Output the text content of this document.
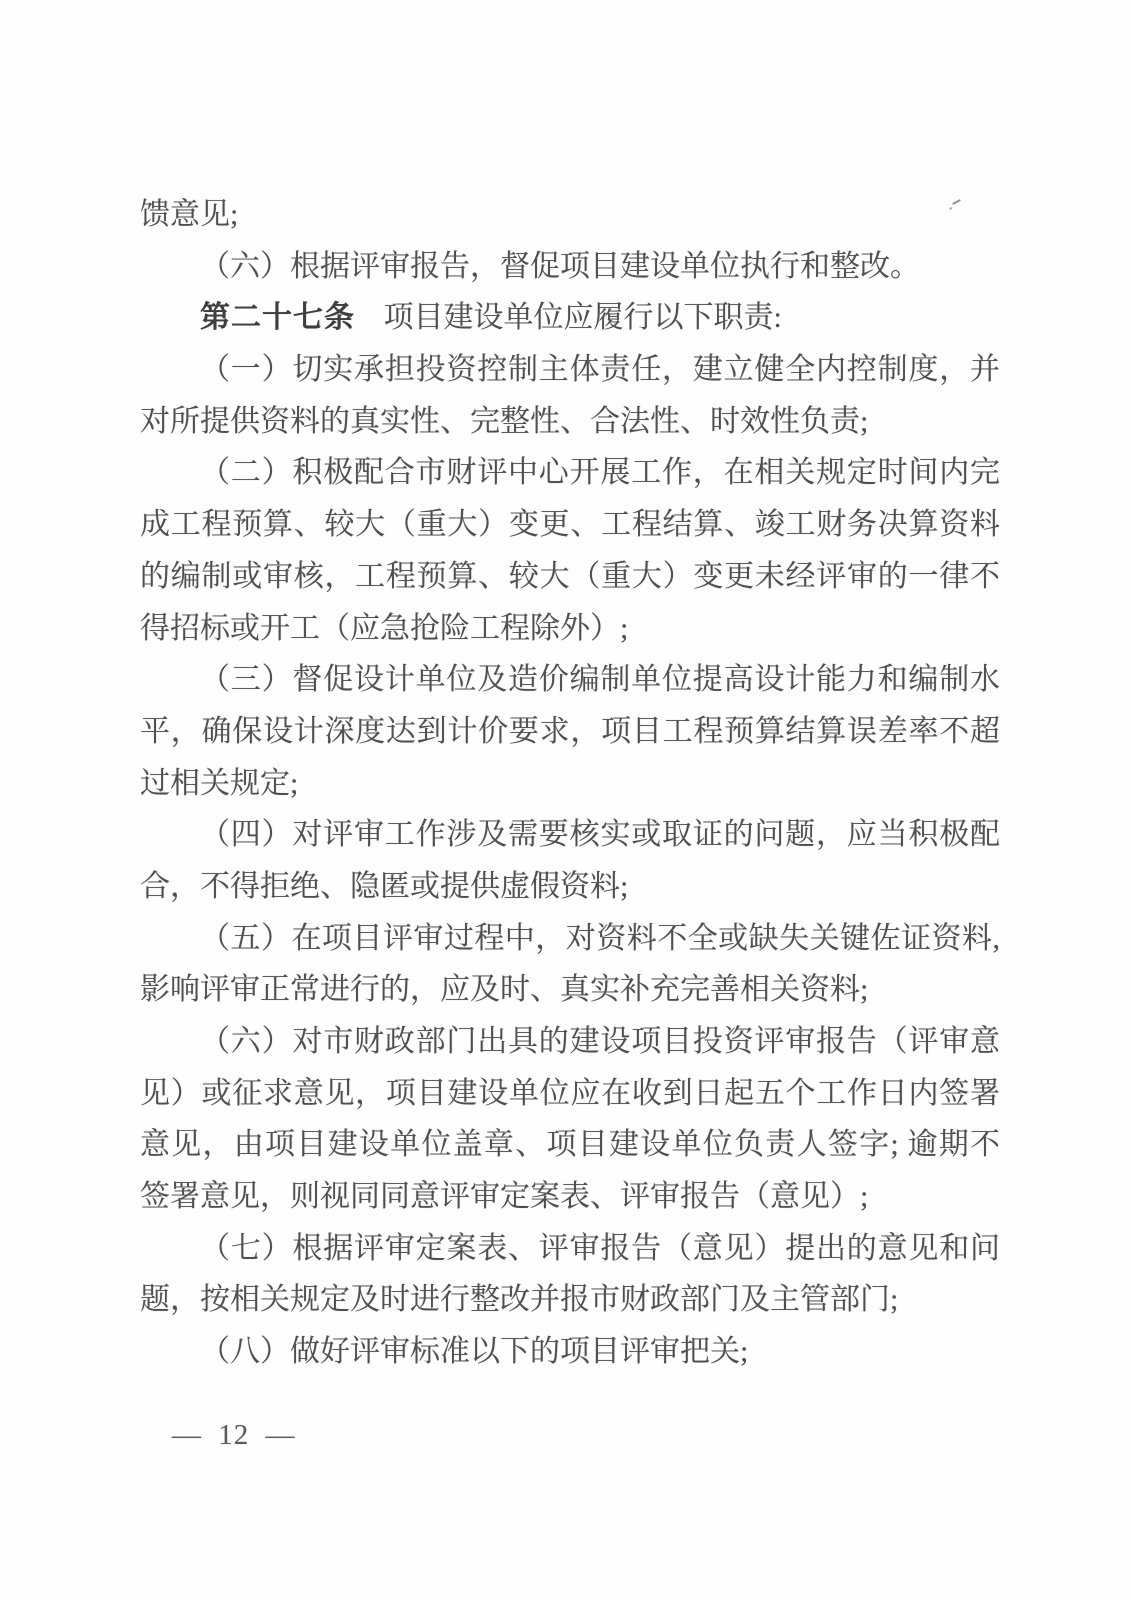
馈意见;
（六）根据评审报告，督促项目建设单位执行和整改。
第二十七条 项目建设单位应履行以下职责:
（一）切实承担投资控制主体责任，建立健全内控制度，并
对所提供资料的真实性、完整性、合法性、时效性负责;
（二）积极配合市财评中心开展工作，在相关规定时间内完
成工程预算、较大（重大）变更、工程结算、竣工财务决算资料
的编制或审核，工程预算、较大（重大）变更未经评审的一律不
得招标或开工（应急抢险工程除外）;
（三）督促设计单位及造价编制单位提高设计能力和编制水
平，确保设计深度达到计价要求，项目工程预算结算误差率不超
过相关规定;
（四）对评审工作涉及需要核实或取证的问题，应当积极配
合，不得拒绝、隐匿或提供虚假资料;
（五）在项目评审过程中，对资料不全或缺失关键佐证资料,
影响评审正常进行的，应及时、真实补充完善相关资料;
（六）对市财政部门出具的建设项目投资评审报告（评审意
见）或征求意见，项目建设单位应在收到日起五个工作日内签署
意见，由项目建设单位盖章、项目建设单位负责人签字; 逾期不
签署意见，则视同同意评审定案表、评审报告（意见）;
（七）根据评审定案表、评审报告（意见）提出的意见和问
题，按相关规定及时进行整改并报市财政部门及主管部门;
（八）做好评审标准以下的项目评审把关;
— 12 —
